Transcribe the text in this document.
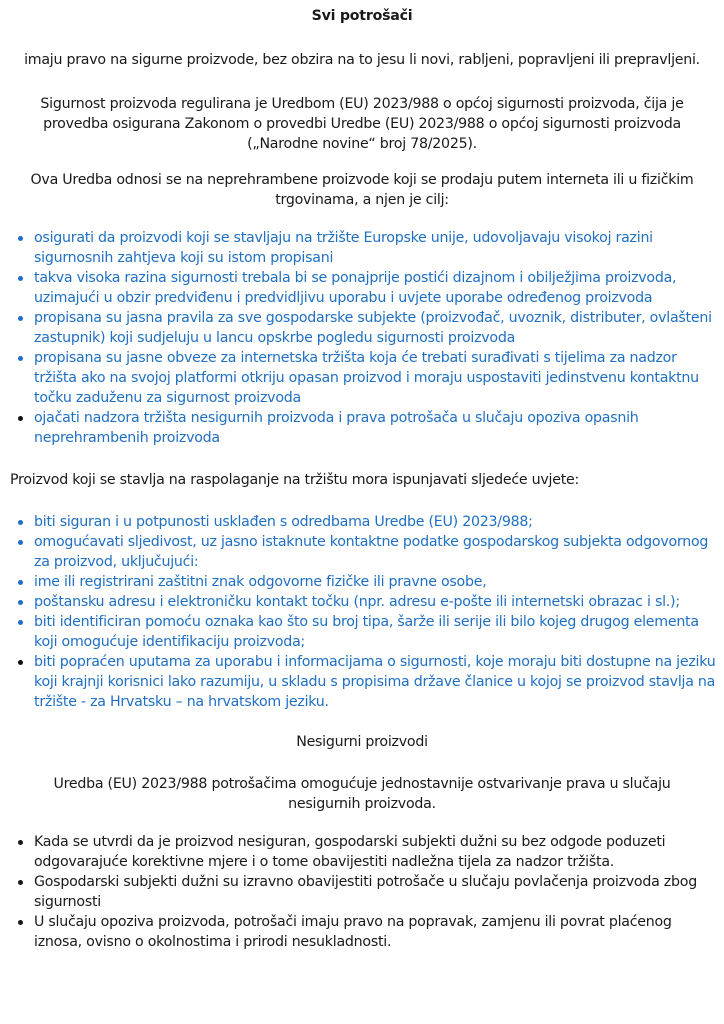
Svi potrošači

imaju pravo na sigurne proizvode, bez obzira na to jesu li novi, rabljeni, popravljeni ili prepravljeni.

Sigurnost proizvoda regulirana je Uredbom (EU) 2023/988 o općoj sigurnosti proizvoda, čija je
provedba osigurana Zakonom o provedbi Uredbe (EU) 2023/988 o općoj sigurnosti proizvoda
(„Narodne novine“ broj 78/2025).
Ova Uredba odnosi se na neprehrambene proizvode koji se prodaju putem interneta ili u fizičkim
trgovinama, a njen je cilj:
osigurati da proizvodi koji se stavljaju na tržište Europske unije, udovoljavaju visokoj razini sigurnosnih zahtjeva koji su istom propisani
takva visoka razina sigurnosti trebala bi se ponajprije postići dizajnom i obilježjima proizvoda, uzimajući u obzir predviđenu i predvidljivu uporabu i uvjete uporabe određenog proizvoda
propisana su jasna pravila za sve gospodarske subjekte (proizvođač, uvoznik, distributer, ovlašteni zastupnik) koji sudjeluju u lancu opskrbe pogledu sigurnosti proizvoda
propisana su jasne obveze za internetska tržišta koja će trebati surađivati s tijelima za nadzor tržišta ako na svojoj platformi otkriju opasan proizvod i moraju uspostaviti jedinstvenu kontaktnu točku zaduženu za sigurnost proizvoda
ojačati nadzora tržišta nesigurnih proizvoda i prava potrošača u slučaju opoziva opasnih neprehrambenih proizvoda

Proizvod koji se stavlja na raspolaganje na tržištu mora ispunjavati sljedeće uvjete:

biti siguran i u potpunosti usklađen s odredbama Uredbe (EU) 2023/988;
omogućavati sljedivost, uz jasno istaknute kontaktne podatke gospodarskog subjekta odgovornog za proizvod, uključujući:
ime ili registrirani zaštitni znak odgovorne fizičke ili pravne osobe,
poštansku adresu i elektroničku kontakt točku (npr. adresu e-pošte ili internetski obrazac i sl.);
biti identificiran pomoću oznaka kao što su broj tipa, šarže ili serije ili bilo kojeg drugog elementa koji omogućuje identifikaciju proizvoda;
biti popraćen uputama za uporabu i informacijama o sigurnosti, koje moraju biti dostupne na jeziku koji krajnji korisnici lako razumiju, u skladu s propisima države članice u kojoj se proizvod stavlja na tržište - za Hrvatsku – na hrvatskom jeziku.
Nesigurni proizvodi
Uredba (EU) 2023/988 potrošačima omogućuje jednostavnije ostvarivanje prava u slučaju
nesigurnih proizvoda.
Kada se utvrdi da je proizvod nesiguran, gospodarski subjekti dužni su bez odgode poduzeti odgovarajuće korektivne mjere i o tome obavijestiti nadležna tijela za nadzor tržišta.
Gospodarski subjekti dužni su izravno obavijestiti potrošače u slučaju povlačenja proizvoda zbog sigurnosti
U slučaju opoziva proizvoda, potrošači imaju pravo na popravak, zamjenu ili povrat plaćenog iznosa, ovisno o okolnostima i prirodi nesukladnosti.
